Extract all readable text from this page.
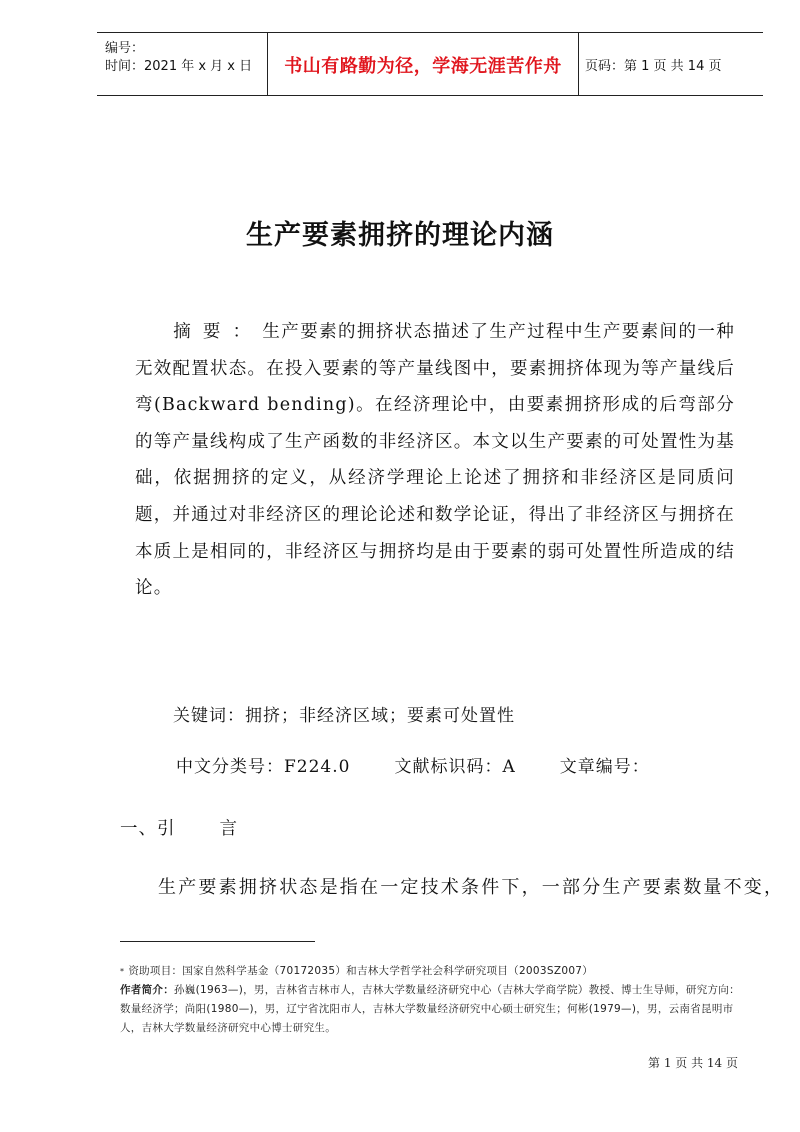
编号：
时间：2021 年 x 月 x 日	书山有路勤为径，学海无涯苦作舟	页码：第 1 页 共 14 页
生产要素拥挤的理论内涵
摘要：生产要素的拥挤状态描述了生产过程中生产要素间的一种无效配置状态。在投入要素的等产量线图中，要素拥挤体现为等产量线后弯(Backward bending)。在经济理论中，由要素拥挤形成的后弯部分的等产量线构成了生产函数的非经济区。本文以生产要素的可处置性为基础，依据拥挤的定义，从经济学理论上论述了拥挤和非经济区是同质问题，并通过对非经济区的理论论述和数学论证，得出了非经济区与拥挤在本质上是相同的，非经济区与拥挤均是由于要素的弱可处置性所造成的结论。
关键词：拥挤；非经济区域；要素可处置性
中文分类号：F224.0	文献标识码：A	文章编号：
一、引	言
生产要素拥挤状态是指在一定技术条件下，一部分生产要素数量不变，
* 资助项目：国家自然科学基金（70172035）和吉林大学哲学社会科学研究项目（2003SZ007）
作者简介：孙巍(1963—)，男，吉林省吉林市人，吉林大学数量经济研究中心（吉林大学商学院）教授、博士生导师，研究方向：数量经济学；尚阳(1980—)，男，辽宁省沈阳市人，吉林大学数量经济研究中心硕士研究生；何彬(1979—)，男，云南省昆明市人，吉林大学数量经济研究中心博士研究生。
第 1 页 共 14 页
